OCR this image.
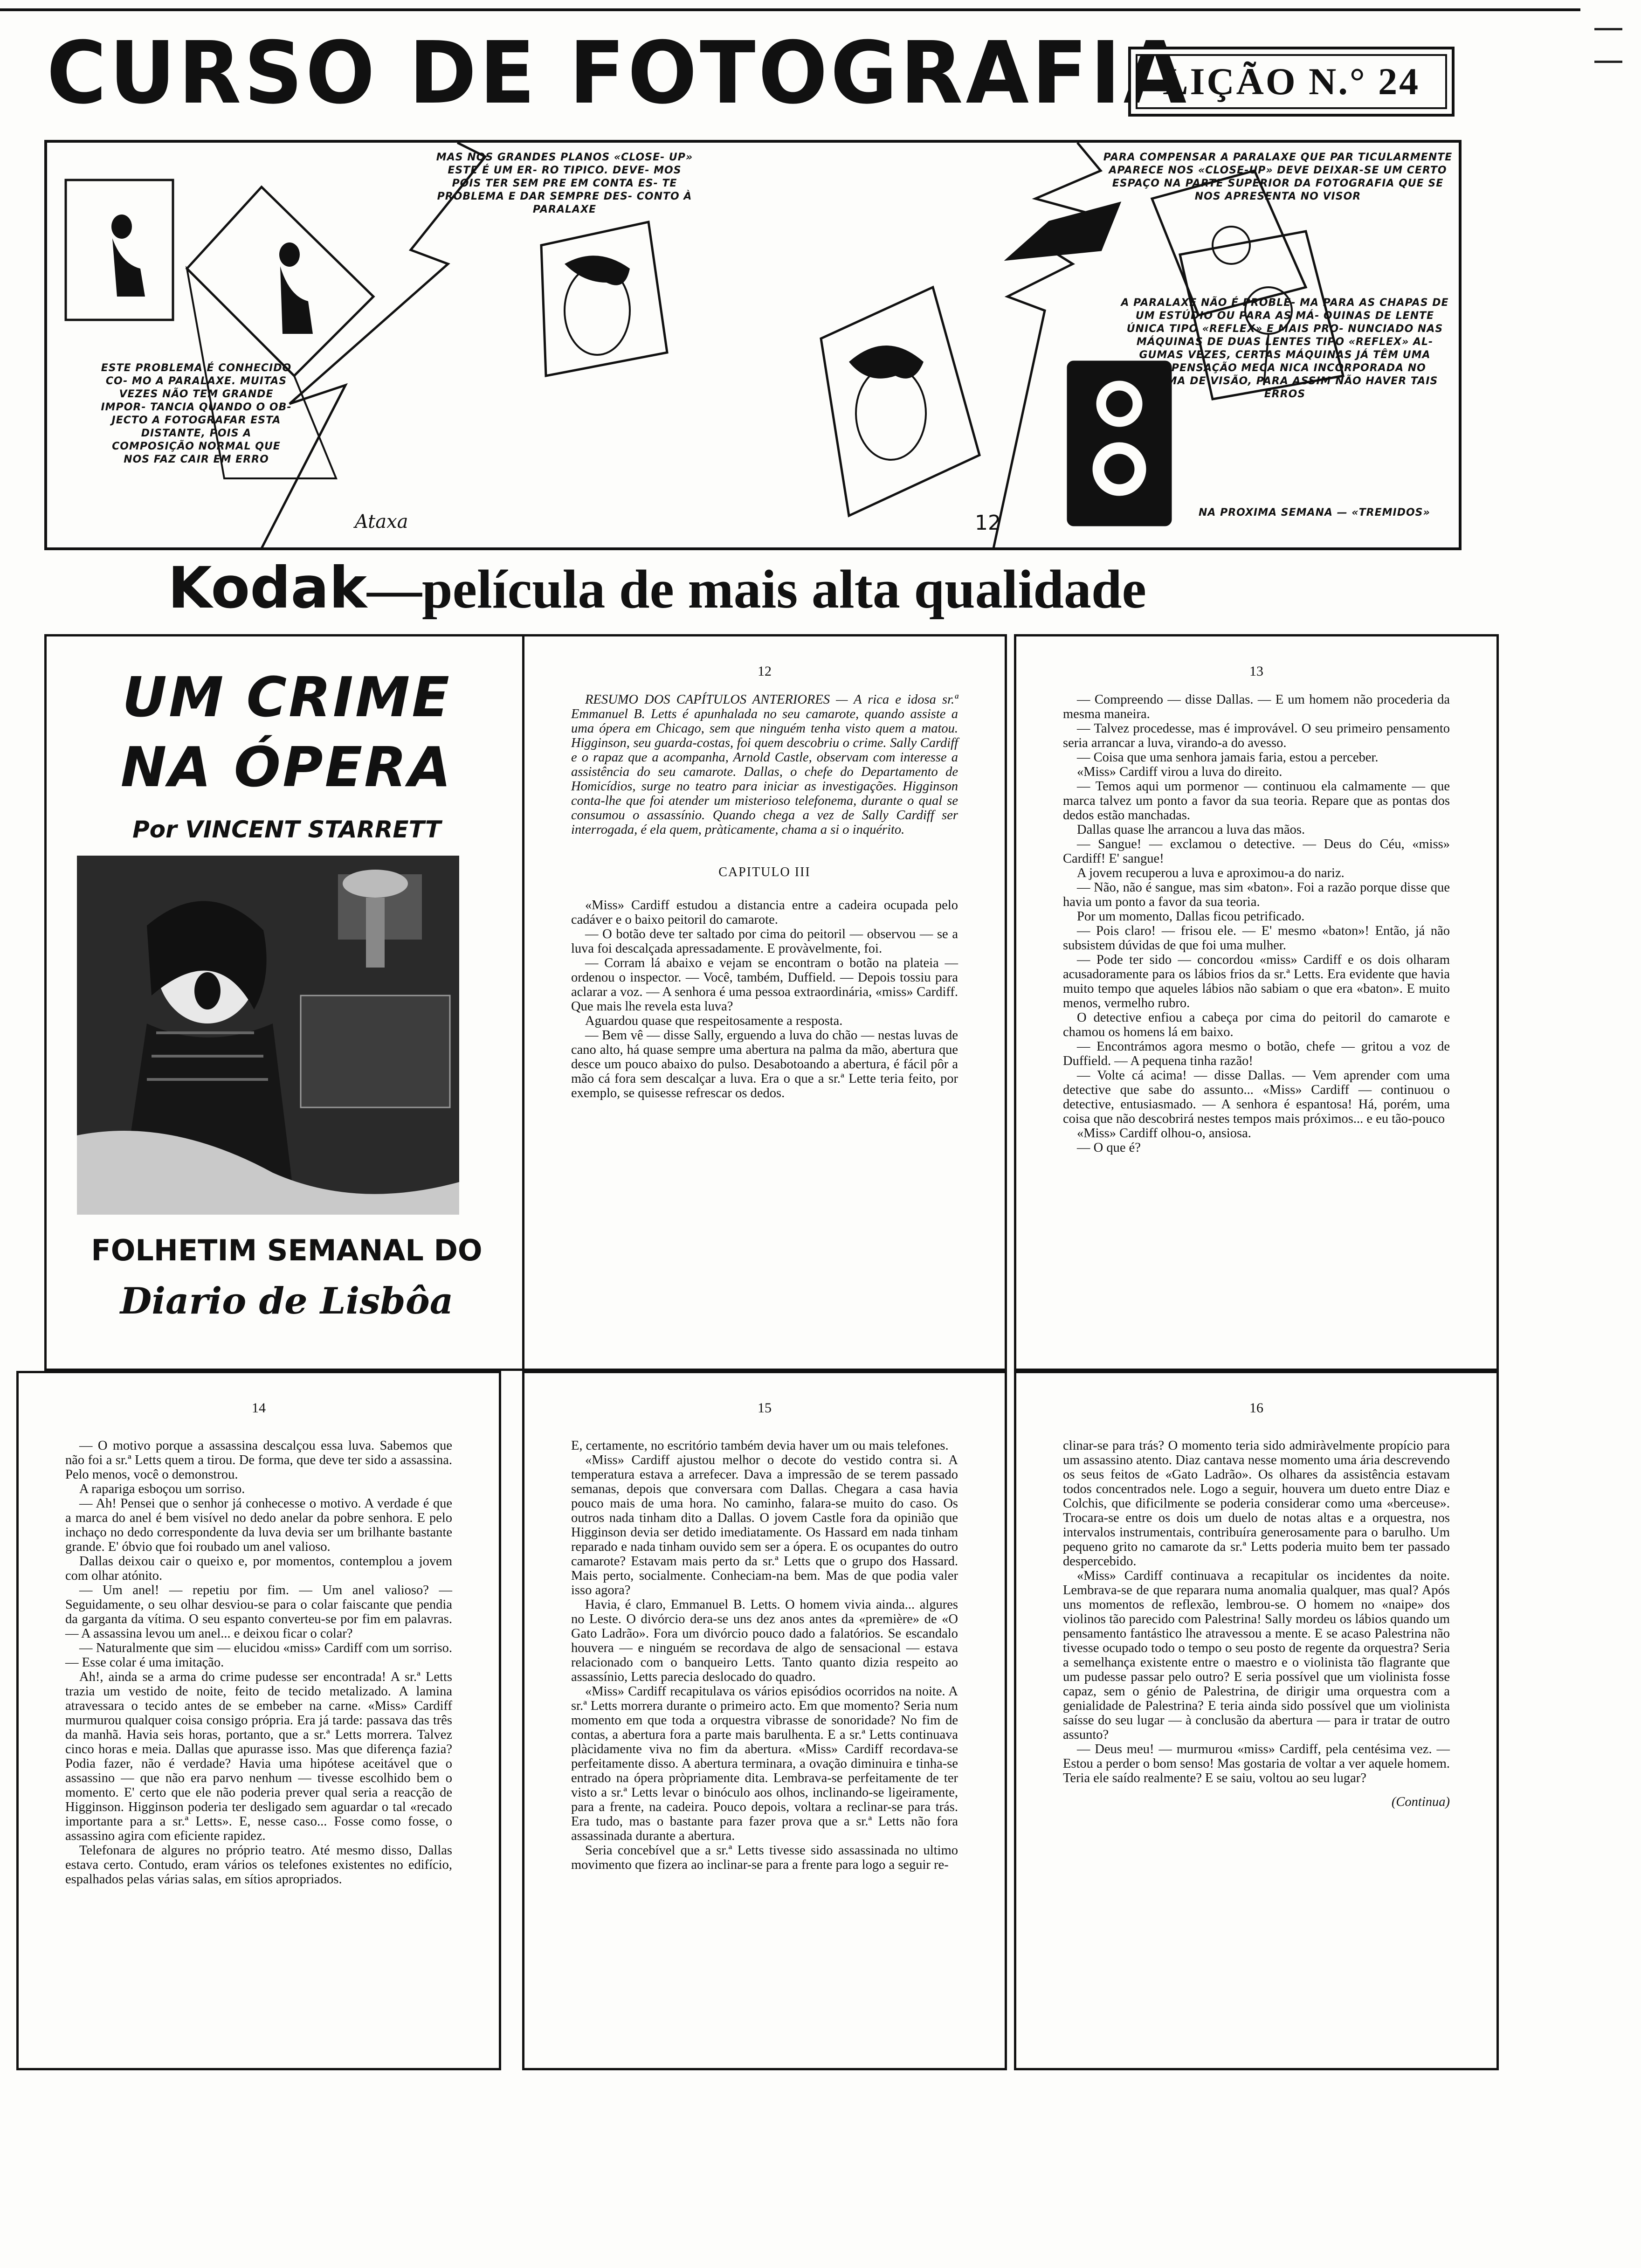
CURSO DE FOTOGRAFIA
LIÇÃO N.° 24
ESTE PROBLEMA É CONHECIDO CO- MO A PARALAXE. MUITAS VEZES NÃO TEM GRANDE IMPOR- TANCIA QUANDO O OB- JECTO A FOTOGRAFAR ESTA DISTANTE, POIS A COMPOSIÇÃO NORMAL QUE NOS FAZ CAIR EM ERRO
MAS NOS GRANDES PLANOS «CLOSE- UP» ESTE É UM ER- RO TIPICO. DEVE- MOS POIS TER SEM PRE EM CONTA ES- TE PROBLEMA E DAR SEMPRE DES- CONTO À PARALAXE
PARA COMPENSAR A PARALAXE QUE PAR TICULARMENTE APARECE NOS «CLOSE-UP» DEVE DEIXAR-SE UM CERTO ESPAÇO NA PARTE SUPERIOR DA FOTOGRAFIA QUE SE NOS APRESENTA NO VISOR
A PARALAXE NÃO É PROBLE- MA PARA AS CHAPAS DE UM ESTÚDIO OU PARA AS MÁ- QUINAS DE LENTE ÚNICA TIPO «REFLEX» E MAIS PRO- NUNCIADO NAS MÁQUINAS DE DUAS LENTES TIPO «REFLEX» AL- GUMAS VEZES, CERTAS MÁQUINAS JÁ TÊM UMA COMPENSAÇÃO MECA NICA INCORPORADA NO SISTEMA DE VISÃO, PARA ASSIM NÃO HAVER TAIS ERROS
NA PROXIMA SEMANA — «TREMIDOS»
Ataxa	12
Kodak—película de mais alta qualidade
UM CRIME
NA ÓPERA
Por VINCENT STARRETT
FOLHETIM SEMANAL DO
Diario de Lisbôa
12

RESUMO DOS CAPÍTULOS ANTERIORES — A rica e idosa sr.ª Emmanuel B. Letts é apunhalada no seu camarote, quando assiste a uma ópera em Chicago, sem que ninguém tenha visto quem a matou. Higginson, seu guarda-costas, foi quem descobriu o crime. Sally Cardiff e o rapaz que a acompanha, Arnold Castle, observam com interesse a assistência do seu camarote. Dallas, o chefe do Departamento de Homicídios, surge no teatro para iniciar as investigações. Higginson conta-lhe que foi atender um misterioso telefonema, durante o qual se consumou o assassínio. Quando chega a vez de Sally Cardiff ser interrogada, é ela quem, pràticamente, chama a si o inquérito.

CAPITULO III

«Miss» Cardiff estudou a distancia entre a cadeira ocupada pelo cadáver e o baixo peitoril do camarote.

— O botão deve ter saltado por cima do peitoril — observou — se a luva foi descalçada apressadamente. E provàvelmente, foi.

— Corram lá abaixo e vejam se encontram o botão na plateia — ordenou o inspector. — Você, também, Duffield. — Depois tossiu para aclarar a voz. — A senhora é uma pessoa extraordinária, «miss» Cardiff. Que mais lhe revela esta luva?

Aguardou quase que respeitosamente a resposta.

— Bem vê — disse Sally, erguendo a luva do chão — nestas luvas de cano alto, há quase sempre uma abertura na palma da mão, abertura que desce um pouco abaixo do pulso. Desabotoando a abertura, é fácil pôr a mão cá fora sem descalçar a luva. Era o que a sr.ª Lette teria feito, por exemplo, se quisesse refrescar os dedos.

13

— Compreendo — disse Dallas. — E um homem não procederia da mesma maneira.

— Talvez procedesse, mas é improvável. O seu primeiro pensamento seria arrancar a luva, virando-a do avesso.

— Coisa que uma senhora jamais faria, estou a perceber.

«Miss» Cardiff virou a luva do direito.

— Temos aqui um pormenor — continuou ela calmamente — que marca talvez um ponto a favor da sua teoria. Repare que as pontas dos dedos estão manchadas.

Dallas quase lhe arrancou a luva das mãos.

— Sangue! — exclamou o detective. — Deus do Céu, «miss» Cardiff! E' sangue!

A jovem recuperou a luva e aproximou-a do nariz.

— Não, não é sangue, mas sim «baton». Foi a razão porque disse que havia um ponto a favor da sua teoria.

Por um momento, Dallas ficou petrificado.

— Pois claro! — frisou ele. — E' mesmo «baton»! Então, já não subsistem dúvidas de que foi uma mulher.

— Pode ter sido — concordou «miss» Cardiff e os dois olharam acusadoramente para os lábios frios da sr.ª Letts. Era evidente que havia muito tempo que aqueles lábios não sabiam o que era «baton». E muito menos, vermelho rubro.

O detective enfiou a cabeça por cima do peitoril do camarote e chamou os homens lá em baixo.

— Encontrámos agora mesmo o botão, chefe — gritou a voz de Duffield. — A pequena tinha razão!

— Volte cá acima! — disse Dallas. — Vem aprender com uma detective que sabe do assunto... «Miss» Cardiff — continuou o detective, entusiasmado. — A senhora é espantosa! Há, porém, uma coisa que não descobrirá nestes tempos mais próximos... e eu tão-pouco

«Miss» Cardiff olhou-o, ansiosa.

— O que é?

14

— O motivo porque a assassina descalçou essa luva. Sabemos que não foi a sr.ª Letts quem a tirou. De forma, que deve ter sido a assassina. Pelo menos, você o demonstrou.

A rapariga esboçou um sorriso.

— Ah! Pensei que o senhor já conhecesse o motivo. A verdade é que a marca do anel é bem visível no dedo anelar da pobre senhora. E pelo inchaço no dedo correspondente da luva devia ser um brilhante bastante grande. E' óbvio que foi roubado um anel valioso.

Dallas deixou cair o queixo e, por momentos, contemplou a jovem com olhar atónito.

— Um anel! — repetiu por fim. — Um anel valioso? — Seguidamente, o seu olhar desviou-se para o colar faiscante que pendia da garganta da vítima. O seu espanto converteu-se por fim em palavras. — A assassina levou um anel... e deixou ficar o colar?

— Naturalmente que sim — elucidou «miss» Cardiff com um sorriso. — Esse colar é uma imitação.

Ah!, ainda se a arma do crime pudesse ser encontrada! A sr.ª Letts trazia um vestido de noite, feito de tecido metalizado. A lamina atravessara o tecido antes de se embeber na carne. «Miss» Cardiff murmurou qualquer coisa consigo própria. Era já tarde: passava das três da manhã. Havia seis horas, portanto, que a sr.ª Letts morrera. Talvez cinco horas e meia. Dallas que apurasse isso. Mas que diferença fazia? Podia fazer, não é verdade? Havia uma hipótese aceitável que o assassino — que não era parvo nenhum — tivesse escolhido bem o momento. E' certo que ele não poderia prever qual seria a reacção de Higginson. Higginson poderia ter desligado sem aguardar o tal «recado importante para a sr.ª Letts». E, nesse caso... Fosse como fosse, o assassino agira com eficiente rapidez.

Telefonara de algures no próprio teatro. Até mesmo disso, Dallas estava certo. Contudo, eram vários os telefones existentes no edifício, espalhados pelas várias salas, em sítios apropriados.

15

E, certamente, no escritório também devia haver um ou mais telefones.

«Miss» Cardiff ajustou melhor o decote do vestido contra si. A temperatura estava a arrefecer. Dava a impressão de se terem passado semanas, depois que conversara com Dallas. Chegara a casa havia pouco mais de uma hora. No caminho, falara-se muito do caso. Os outros nada tinham dito a Dallas. O jovem Castle fora da opinião que Higginson devia ser detido imediatamente. Os Hassard em nada tinham reparado e nada tinham ouvido sem ser a ópera. E os ocupantes do outro camarote? Estavam mais perto da sr.ª Letts que o grupo dos Hassard. Mais perto, socialmente. Conheciam-na bem. Mas de que podia valer isso agora?

Havia, é claro, Emmanuel B. Letts. O homem vivia ainda... algures no Leste. O divórcio dera-se uns dez anos antes da «première» de «O Gato Ladrão». Fora um divórcio pouco dado a falatórios. Se escandalo houvera — e ninguém se recordava de algo de sensacional — estava relacionado com o banqueiro Letts. Tanto quanto dizia respeito ao assassínio, Letts parecia deslocado do quadro.

«Miss» Cardiff recapitulava os vários episódios ocorridos na noite. A sr.ª Letts morrera durante o primeiro acto. Em que momento? Seria num momento em que toda a orquestra vibrasse de sonoridade? No fim de contas, a abertura fora a parte mais barulhenta. E a sr.ª Letts continuava plàcidamente viva no fim da abertura. «Miss» Cardiff recordava-se perfeitamente disso. A abertura terminara, a ovação diminuira e tinha-se entrado na ópera pròpriamente dita. Lembrava-se perfeitamente de ter visto a sr.ª Letts levar o binóculo aos olhos, inclinando-se ligeiramente, para a frente, na cadeira. Pouco depois, voltara a reclinar-se para trás. Era tudo, mas o bastante para fazer prova que a sr.ª Letts não fora assassinada durante a abertura.

Seria concebível que a sr.ª Letts tivesse sido assassinada no ultimo movimento que fizera ao inclinar-se para a frente para logo a seguir re-

16

clinar-se para trás? O momento teria sido admiràvelmente propício para um assassino atento. Diaz cantava nesse momento uma ária descrevendo os seus feitos de «Gato Ladrão». Os olhares da assistência estavam todos concentrados nele. Logo a seguir, houvera um dueto entre Diaz e Colchis, que dificilmente se poderia considerar como uma «berceuse». Trocara-se entre os dois um duelo de notas altas e a orquestra, nos intervalos instrumentais, contribuíra generosamente para o barulho. Um pequeno grito no camarote da sr.ª Letts poderia muito bem ter passado despercebido.

«Miss» Cardiff continuava a recapitular os incidentes da noite. Lembrava-se de que reparara numa anomalia qualquer, mas qual? Após uns momentos de reflexão, lembrou-se. O homem no «naipe» dos violinos tão parecido com Palestrina! Sally mordeu os lábios quando um pensamento fantástico lhe atravessou a mente. E se acaso Palestrina não tivesse ocupado todo o tempo o seu posto de regente da orquestra? Seria a semelhança existente entre o maestro e o violinista tão flagrante que um pudesse passar pelo outro? E seria possível que um violinista fosse capaz, sem o génio de Palestrina, de dirigir uma orquestra com a genialidade de Palestrina? E teria ainda sido possível que um violinista saísse do seu lugar — à conclusão da abertura — para ir tratar de outro assunto?

— Deus meu! — murmurou «miss» Cardiff, pela centésima vez. — Estou a perder o bom senso! Mas gostaria de voltar a ver aquele homem. Teria ele saído realmente? E se saiu, voltou ao seu lugar?

(Continua)
